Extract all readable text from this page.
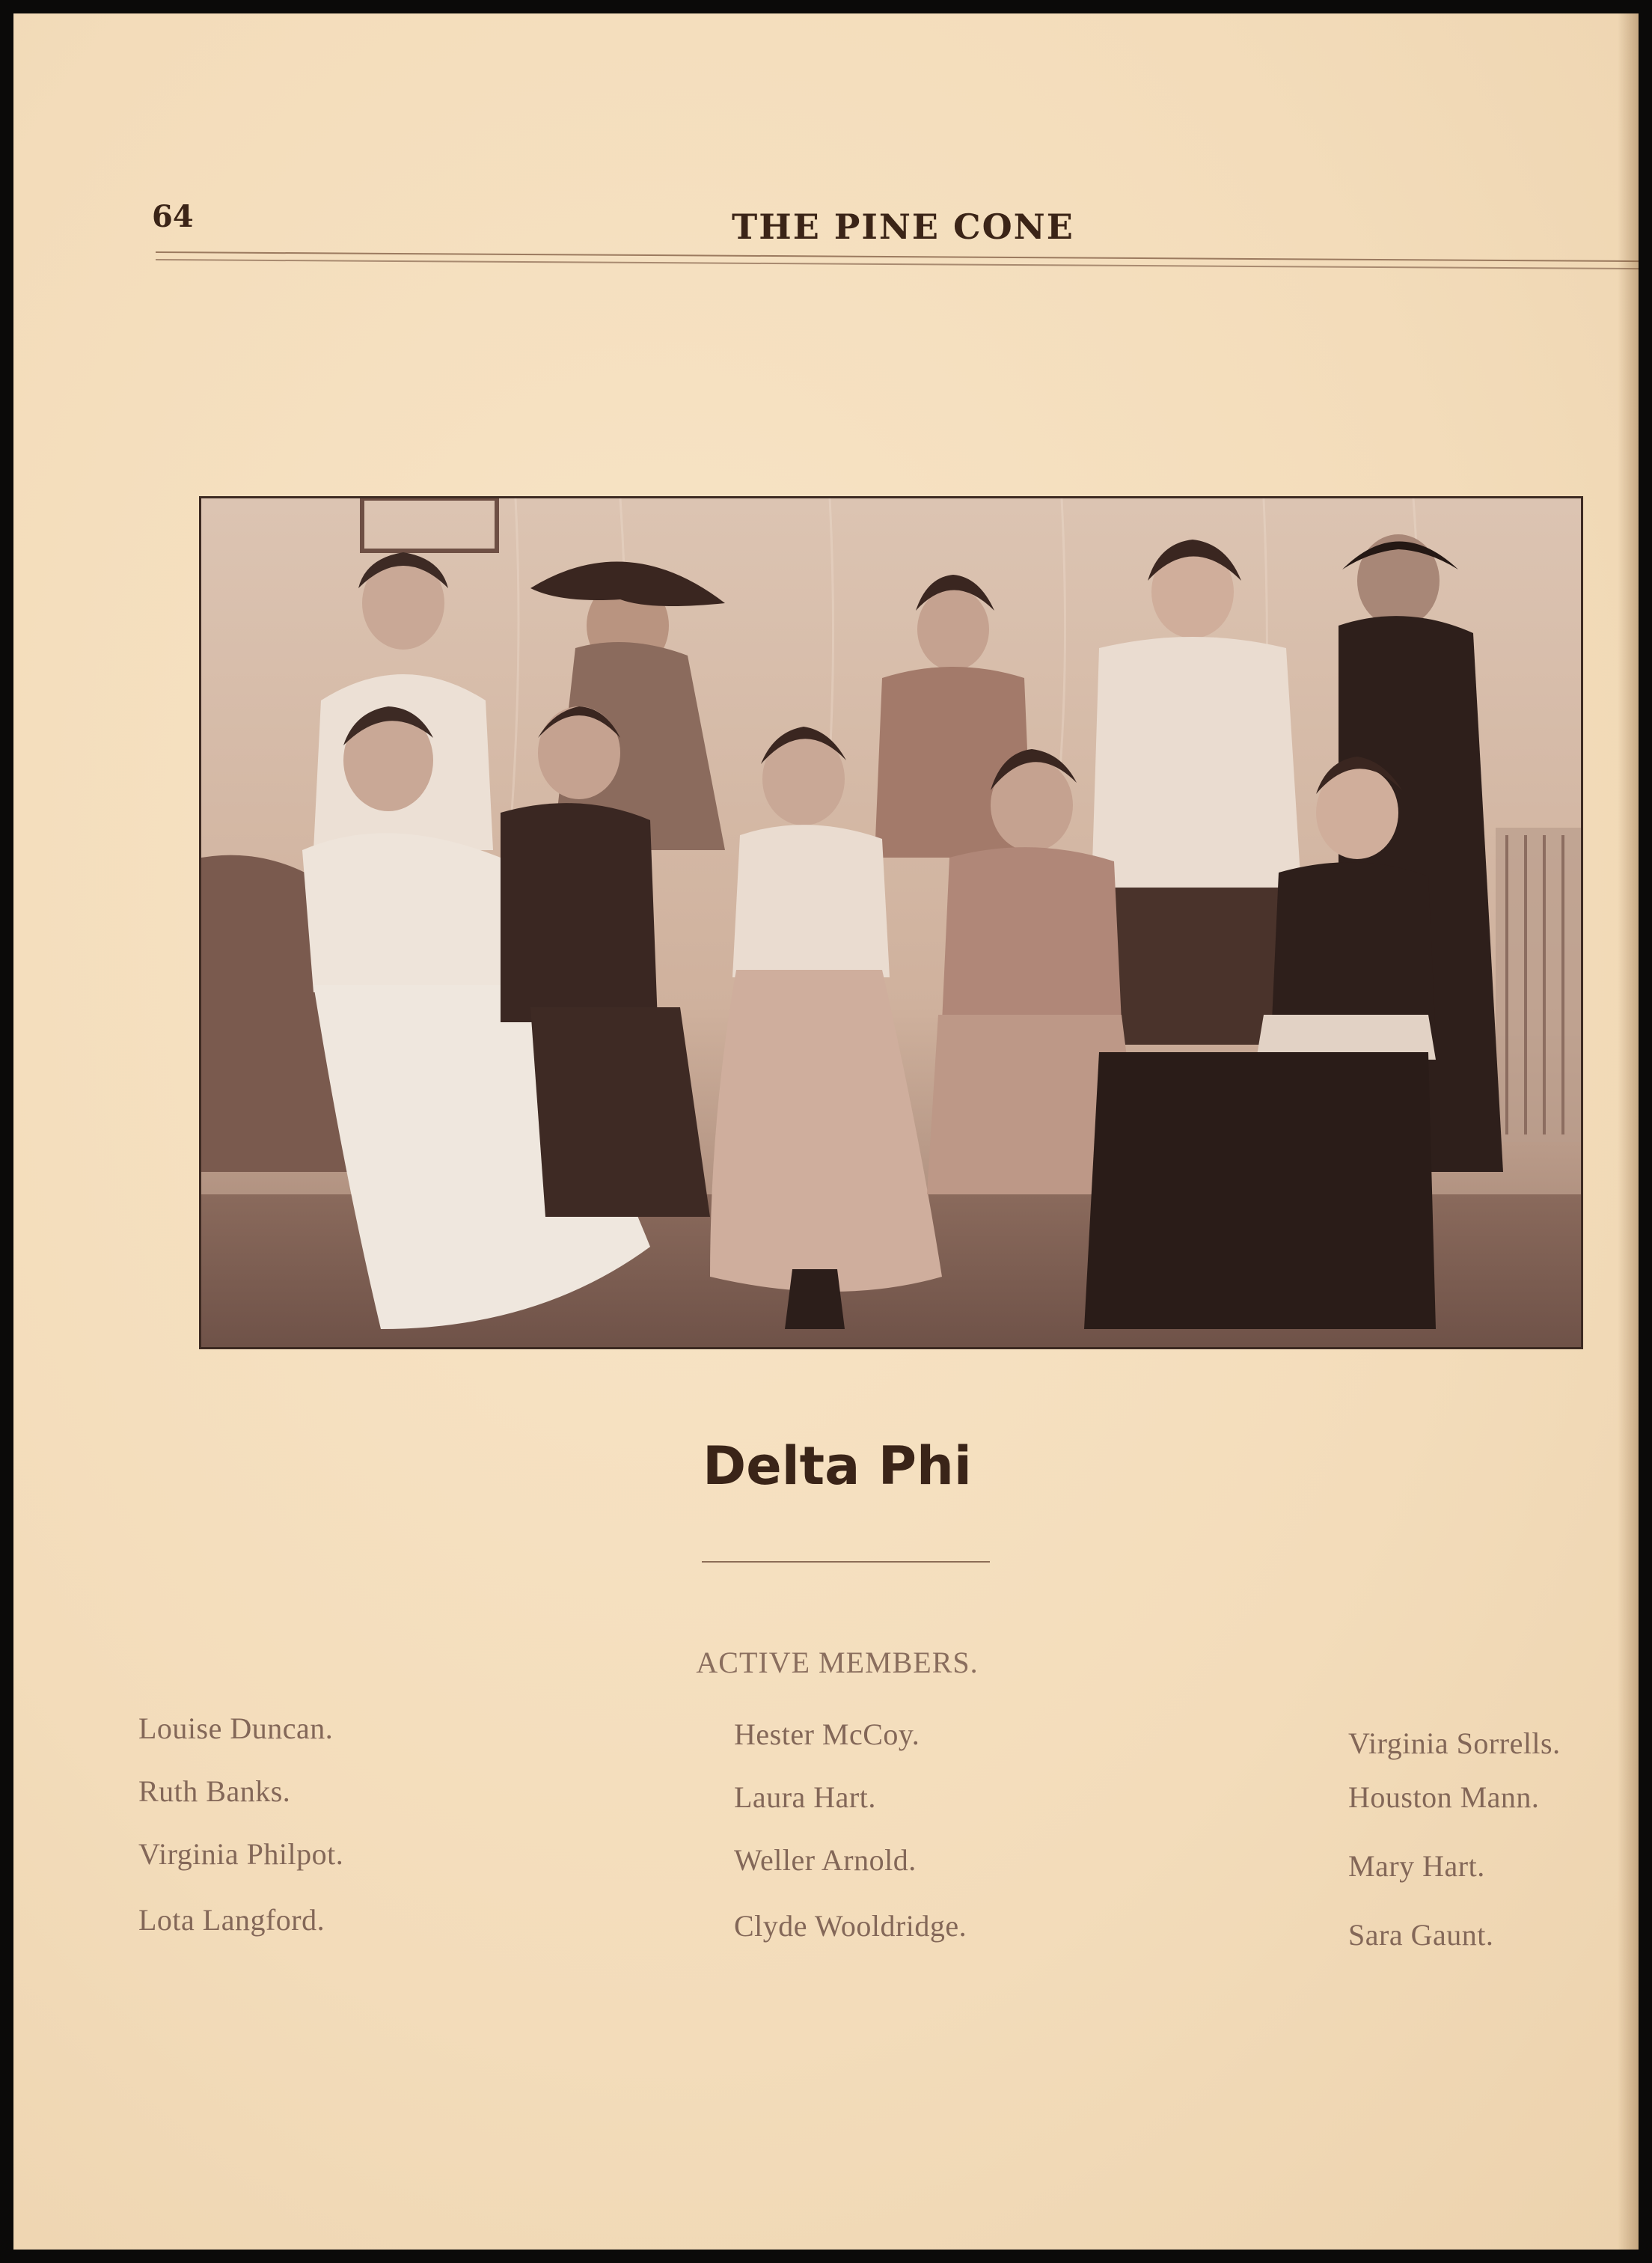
64	THE PINE CONE
Delta Phi
ACTIVE MEMBERS.
Louise Duncan.
Ruth Banks.
Virginia Philpot.
Lota Langford.
Hester McCoy.
Laura Hart.
Weller Arnold.
Clyde Wooldridge.
Virginia Sorrells.
Houston Mann.
Mary Hart.
Sara Gaunt.
